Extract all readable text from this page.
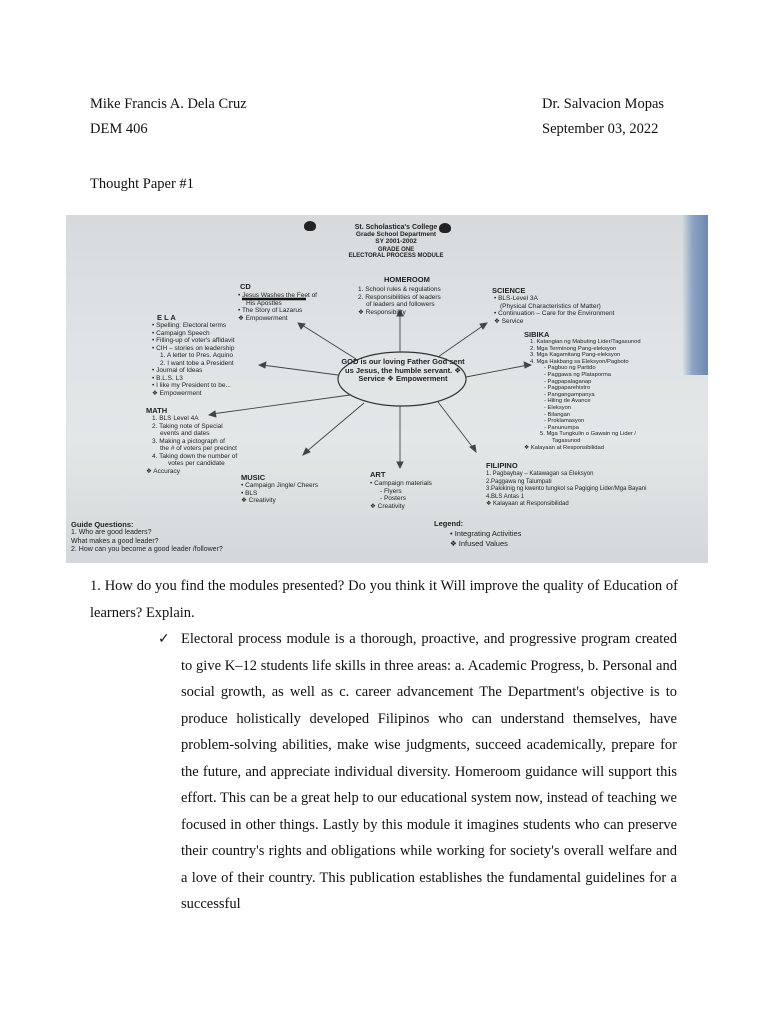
Mike Francis A. Dela Cruz
DEM 406
Dr. Salvacion Mopas
September 03, 2022
Thought Paper #1
St. Scholastica's College
Grade School Department
SY 2001-2002
GRADE ONE
ELECTORAL PROCESS MODULE
HOMEROOM
1. School rules & regulations
2. Responsibilities of leaders
of leaders and followers
❖ Responsibility
SCIENCE
• BLS-Level 3A
(Physical Characteristics of Matter)
• Continuation – Care for the Environment
❖ Service
CD
• Jesus Washes the Feet of
His Apostles
• The Story of Lazarus
❖ Empowerment
E L A
• Spelling: Electoral terms
• Campaign Speech
• Filling-up of voter's affidavit
• CIH – stories on leadership
1. A letter to Pres. Aquino
2. I want tobe a President
• Journal of Ideas
• B.L.S. L3
• I like my President to be...
❖ Empowerment
SIBIKA
1. Katangian ng Mabuting Lider/Tagasunod
2. Mga Terminong Pang-eleksyon
3. Mga Kagamitang Pang-eleksyon
4. Mga Hakbang sa Eleksyon/Pagboto
- Pagbuo ng Partido
- Paggawa ng Plataporma
- Pagpapalaganap
- Pagpaparehistro
- Pangangampanya
- Hiling de Avance
- Eleksyon
- Bilangan
- Proklamasyon
- Panunumpa
5. Mga Tungkulin o Gawain ng Lider /
Tagasunod
❖ Kalayaan at Responsibilidad
GOD is our loving Father God sent us Jesus, the humble servant. ❖ Service ❖ Empowerment
MATH
1. BLS Level 4A
2. Taking note of Special
events and dates
3. Making a pictograph of
the # of voters per precinct
4. Taking down the number of
votes per candidate
❖ Accuracy
MUSIC
• Campaign Jingle/ Cheers
• BLS
❖ Creativity
ART
• Campaign materials
- Flyers
- Posters
❖ Creativity
FILIPINO
1. Pagbaybay – Katawagan sa Eleksyon
2.Paggawa ng Talumpati
3.Pakikinig ng kwento tungkol sa Pagiging Lider/Mga Bayani
4.BLS Antas 1
❖ Kalayaan at Responsibilidad
Guide Questions:
1. Who are good leaders?
What makes a good leader?
2. How can you become a good leader /follower?
Legend:
• Integrating Activities
❖ Infused Values
1. How do you find the modules presented? Do you think it Will improve the quality of Education of learners? Explain.
✓ Electoral process module is a thorough, proactive, and progressive program created to give K–12 students life skills in three areas: a. Academic Progress, b. Personal and social growth, as well as c. career advancement The Department's objective is to produce holistically developed Filipinos who can understand themselves, have problem-solving abilities, make wise judgments, succeed academically, prepare for the future, and appreciate individual diversity. Homeroom guidance will support this effort. This can be a great help to our educational system now, instead of teaching we focused in other things. Lastly by this module it imagines students who can preserve their country's rights and obligations while working for society's overall welfare and a love of their country. This publication establishes the fundamental guidelines for a successful
